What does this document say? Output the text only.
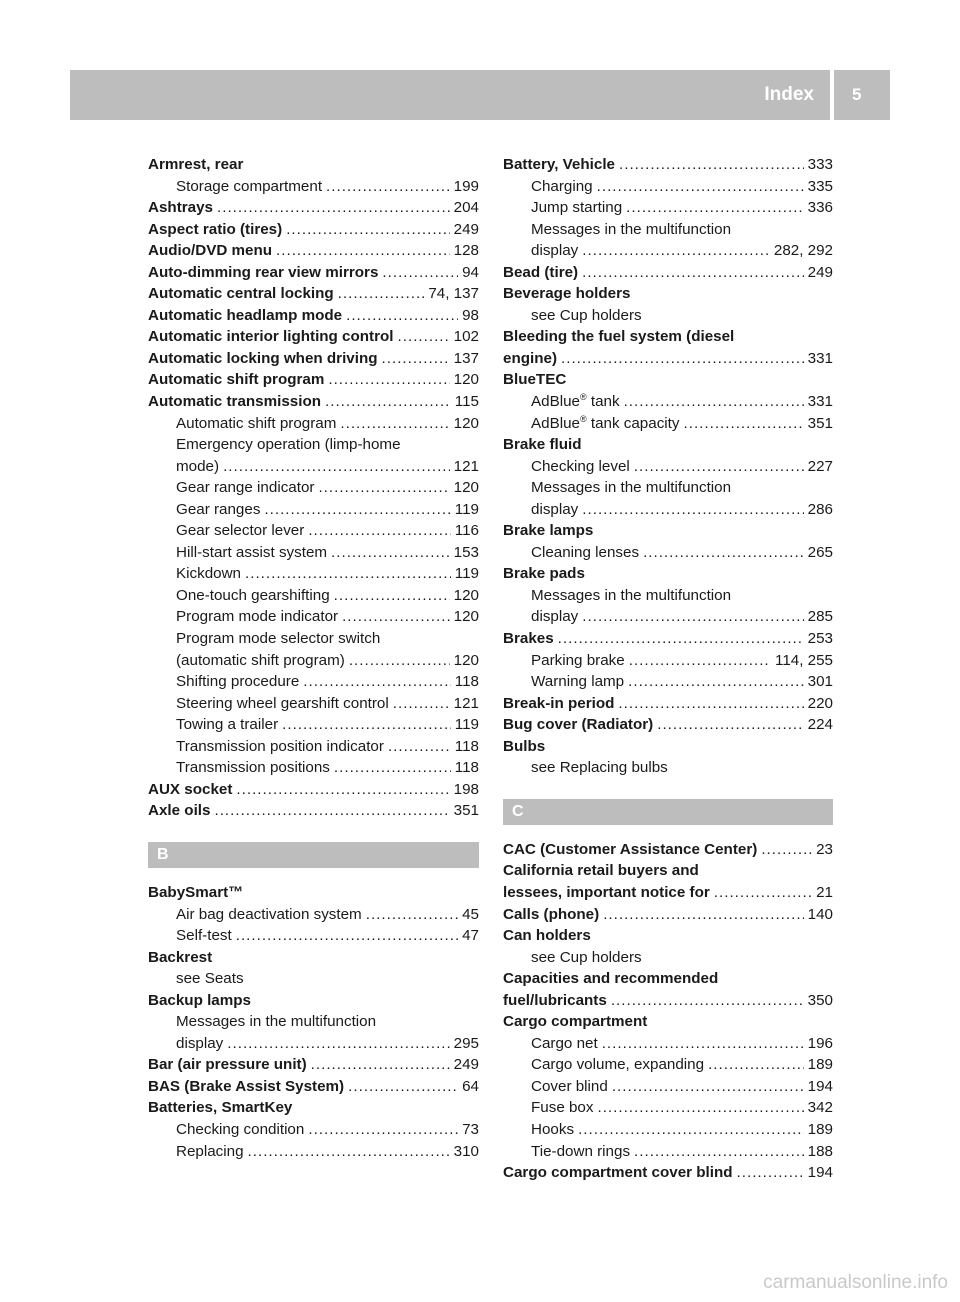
Index	5
Armrest, rear
Storage compartment .....	199
Ashtrays .....	204
Aspect ratio (tires) .....	249
Audio/DVD menu .....	128
Auto-dimming rear view mirrors .....	94
Automatic central locking .....	74, 137
Automatic headlamp mode .....	98
Automatic interior lighting control .....	102
Automatic locking when driving .....	137
Automatic shift program .....	120
Automatic transmission .....	115
Automatic shift program .....	120
Emergency operation (limp-home
mode) .....	121
Gear range indicator .....	120
Gear ranges .....	119
Gear selector lever .....	116
Hill-start assist system .....	153
Kickdown .....	119
One-touch gearshifting .....	120
Program mode indicator .....	120
Program mode selector switch
(automatic shift program) .....	120
Shifting procedure .....	118
Steering wheel gearshift control .....	121
Towing a trailer .....	119
Transmission position indicator .....	118
Transmission positions .....	118
AUX socket .....	198
Axle oils .....	351
B
BabySmart™
Air bag deactivation system .....	45
Self-test .....	47
Backrest
see Seats
Backup lamps
Messages in the multifunction
display .....	295
Bar (air pressure unit) .....	249
BAS (Brake Assist System) .....	64
Batteries, SmartKey
Checking condition .....	73
Replacing .....	310
Battery, Vehicle .....	333
Charging .....	335
Jump starting .....	336
Messages in the multifunction
display .....	282, 292
Bead (tire) .....	249
Beverage holders
see Cup holders
Bleeding the fuel system (diesel
engine) .....	331
BlueTEC
AdBlue® tank .....	331
AdBlue® tank capacity .....	351
Brake fluid
Checking level .....	227
Messages in the multifunction
display .....	286
Brake lamps
Cleaning lenses .....	265
Brake pads
Messages in the multifunction
display .....	285
Brakes .....	253
Parking brake .....	114, 255
Warning lamp .....	301
Break-in period .....	220
Bug cover (Radiator) .....	224
Bulbs
see Replacing bulbs
C
CAC (Customer Assistance Center) .....	23
California retail buyers and
lessees, important notice for .....	21
Calls (phone) .....	140
Can holders
see Cup holders
Capacities and recommended
fuel/lubricants .....	350
Cargo compartment
Cargo net .....	196
Cargo volume, expanding .....	189
Cover blind .....	194
Fuse box .....	342
Hooks .....	189
Tie-down rings .....	188
Cargo compartment cover blind .....	194
carmanualsonline.info
